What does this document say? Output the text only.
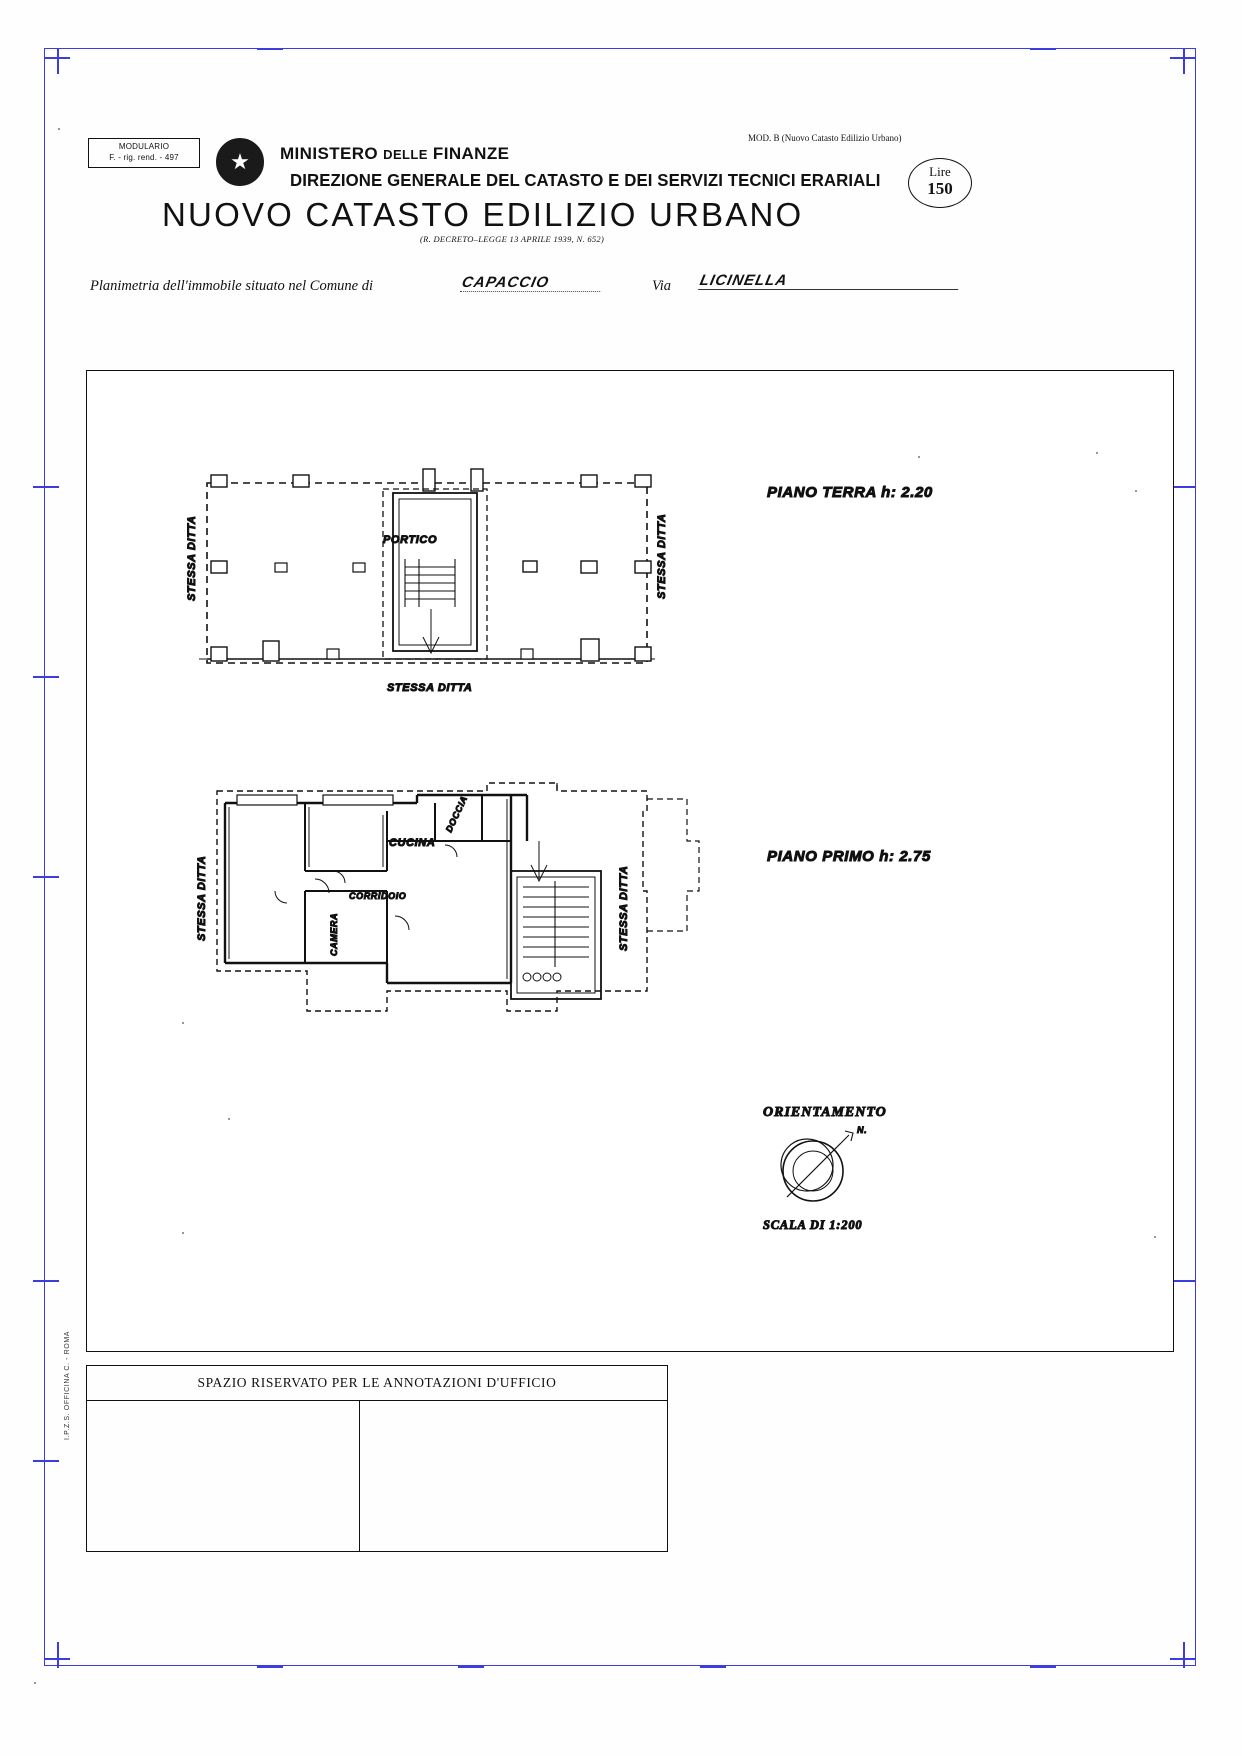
MODULARIO
F. - rig. rend. - 497	★	MINISTERO DELLE FINANZE
DIREZIONE GENERALE DEL CATASTO E DEI SERVIZI TECNICI ERARIALI
NUOVO CATASTO EDILIZIO URBANO
(R. DECRETO–LEGGE 13 APRILE 1939, N. 652)
MOD. B (Nuovo Catasto Edilizio Urbano)
Lire
150
Planimetria dell'immobile situato nel Comune di	CAPACCIO	Via LICINELLA
STESSA DITTA	STESSA DITTA
PORTICO
STESSA DITTA
PIANO TERRA h: 2.20
STESSA DITTA	STESSA DITTA
CUCINA
CORRIDOIO
DOCCIA
CAMERA
PIANO PRIMO h: 2.75
ORIENTAMENTO
N.
SCALA DI 1:200
SPAZIO RISERVATO PER LE ANNOTAZIONI D'UFFICIO
I.P.Z.S. OFFICINA C. - ROMA
